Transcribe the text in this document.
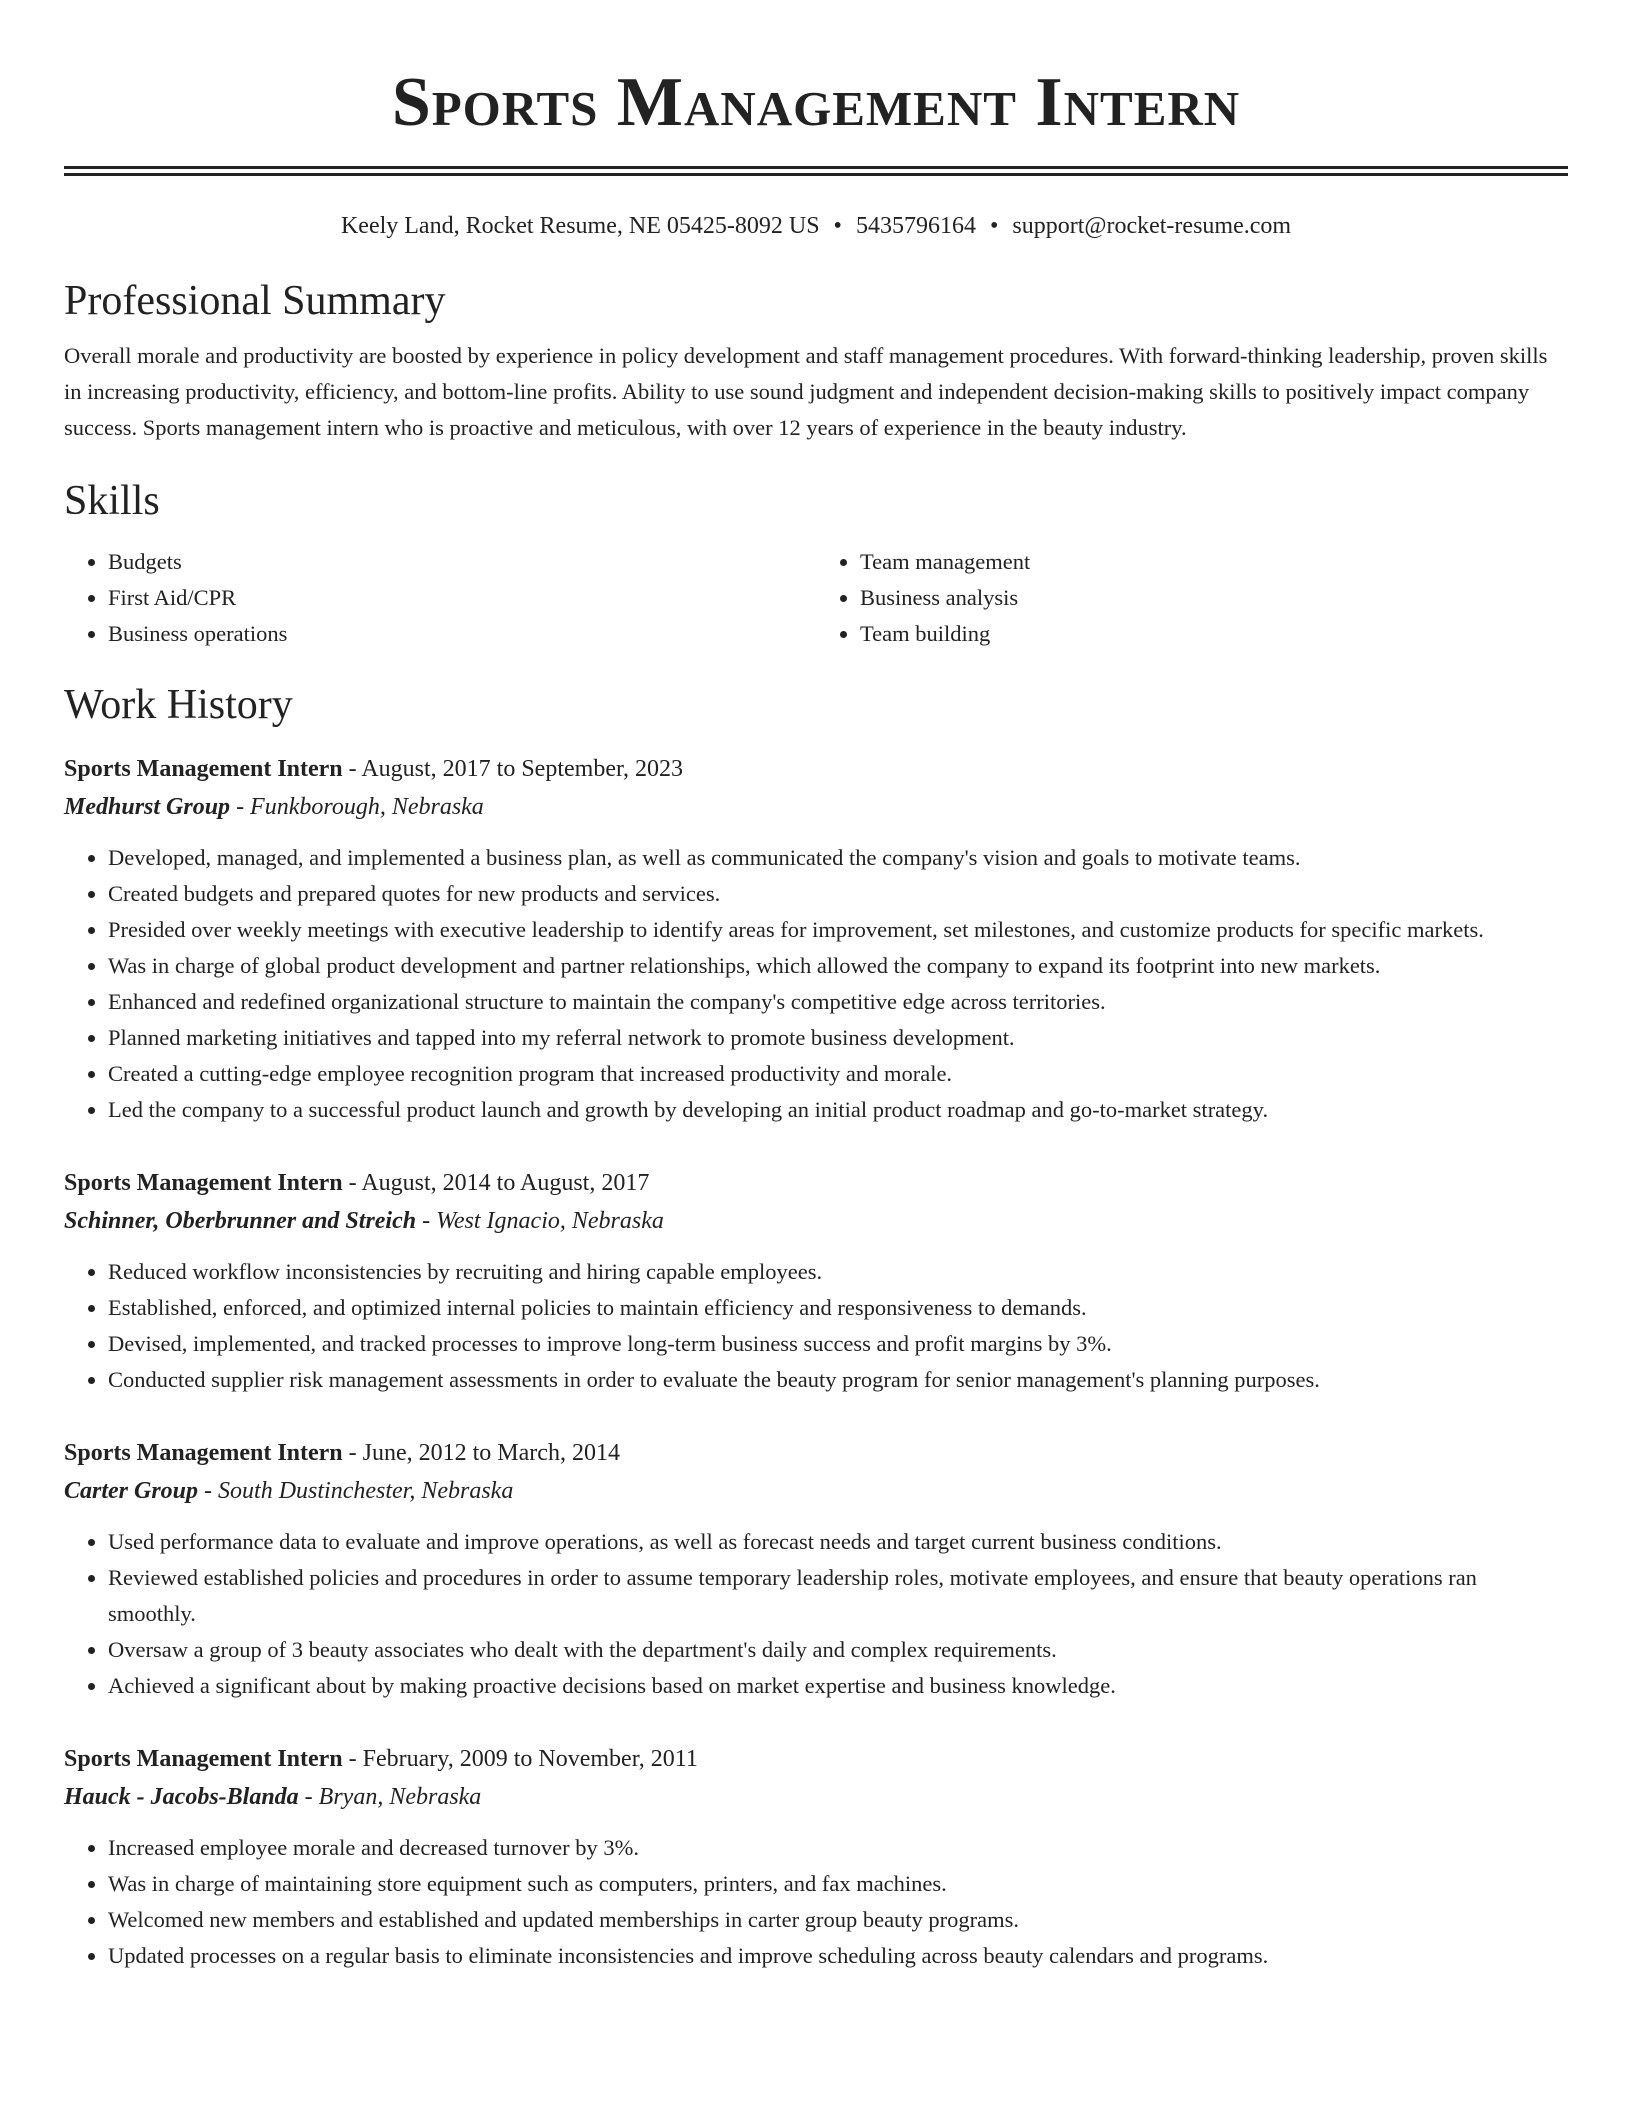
Sports Management Intern
Keely Land, Rocket Resume, NE 05425-8092 US • 5435796164 • support@rocket-resume.com
Professional Summary

Overall morale and productivity are boosted by experience in policy development and staff management procedures. With forward-thinking leadership, proven skills in increasing productivity, efficiency, and bottom-line profits. Ability to use sound judgment and independent decision-making skills to positively impact company success. Sports management intern who is proactive and meticulous, with over 12 years of experience in the beauty industry.

Skills
• Budgets
• First Aid/CPR
• Business operations
• Team management
• Business analysis
• Team building
Work History
Sports Management Intern - August, 2017 to September, 2023
Medhurst Group - Funkborough, Nebraska
• Developed, managed, and implemented a business plan, as well as communicated the company's vision and goals to motivate teams.
• Created budgets and prepared quotes for new products and services.
• Presided over weekly meetings with executive leadership to identify areas for improvement, set milestones, and customize products for specific markets.
• Was in charge of global product development and partner relationships, which allowed the company to expand its footprint into new markets.
• Enhanced and redefined organizational structure to maintain the company's competitive edge across territories.
• Planned marketing initiatives and tapped into my referral network to promote business development.
• Created a cutting-edge employee recognition program that increased productivity and morale.
• Led the company to a successful product launch and growth by developing an initial product roadmap and go-to-market strategy.
Sports Management Intern - August, 2014 to August, 2017
Schinner, Oberbrunner and Streich - West Ignacio, Nebraska
• Reduced workflow inconsistencies by recruiting and hiring capable employees.
• Established, enforced, and optimized internal policies to maintain efficiency and responsiveness to demands.
• Devised, implemented, and tracked processes to improve long-term business success and profit margins by 3%.
• Conducted supplier risk management assessments in order to evaluate the beauty program for senior management's planning purposes.
Sports Management Intern - June, 2012 to March, 2014
Carter Group - South Dustinchester, Nebraska
• Used performance data to evaluate and improve operations, as well as forecast needs and target current business conditions.
• Reviewed established policies and procedures in order to assume temporary leadership roles, motivate employees, and ensure that beauty operations ran smoothly.
• Oversaw a group of 3 beauty associates who dealt with the department's daily and complex requirements.
• Achieved a significant about by making proactive decisions based on market expertise and business knowledge.
Sports Management Intern - February, 2009 to November, 2011
Hauck - Jacobs-Blanda - Bryan, Nebraska
• Increased employee morale and decreased turnover by 3%.
• Was in charge of maintaining store equipment such as computers, printers, and fax machines.
• Welcomed new members and established and updated memberships in carter group beauty programs.
• Updated processes on a regular basis to eliminate inconsistencies and improve scheduling across beauty calendars and programs.
